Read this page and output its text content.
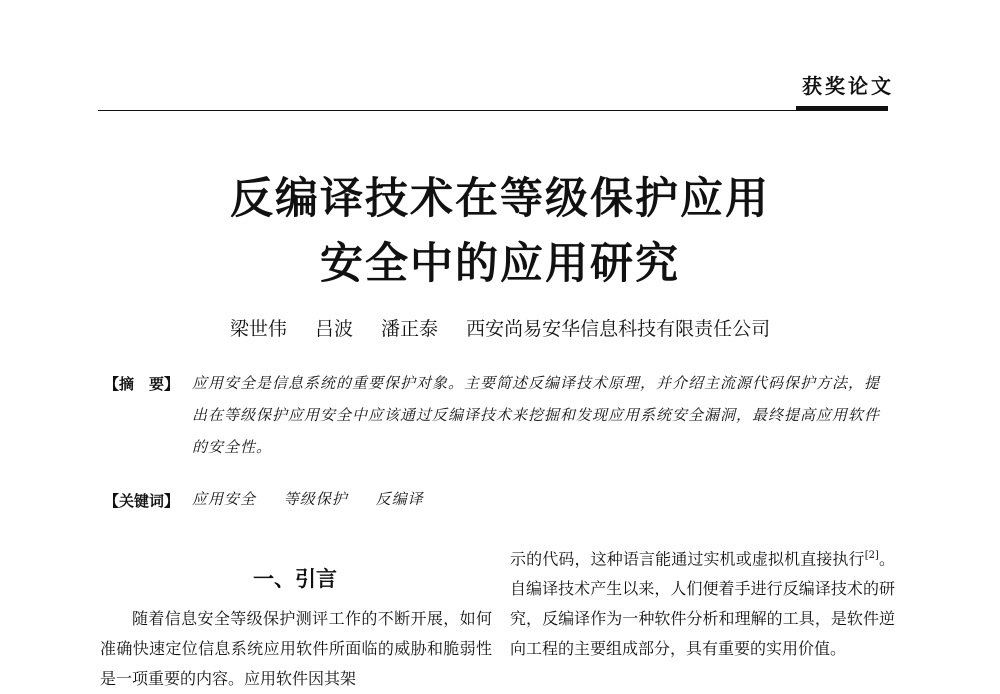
获奖论文
反编译技术在等级保护应用
安全中的应用研究
梁世伟 吕波 潘正泰 西安尚易安华信息科技有限责任公司
【摘　要】 应用安全是信息系统的重要保护对象。主要简述反编译技术原理，并介绍主流源代码保护方法，提出在等级保护应用安全中应该通过反编译技术来挖掘和发现应用系统安全漏洞，最终提高应用软件的安全性。
【关键词】 应用安全 等级保护 反编译
一、引言
随着信息安全等级保护测评工作的不断开展，如何准确快速定位信息系统应用软件所面临的威胁和脆弱性是一项重要的内容。应用软件因其架
示的代码，这种语言能通过实机或虚拟机直接执行[2]。自编译技术产生以来，人们便着手进行反编译技术的研究，反编译作为一种软件分析和理解的工具，是软件逆向工程的主要组成部分，具有重要的实用价值。
